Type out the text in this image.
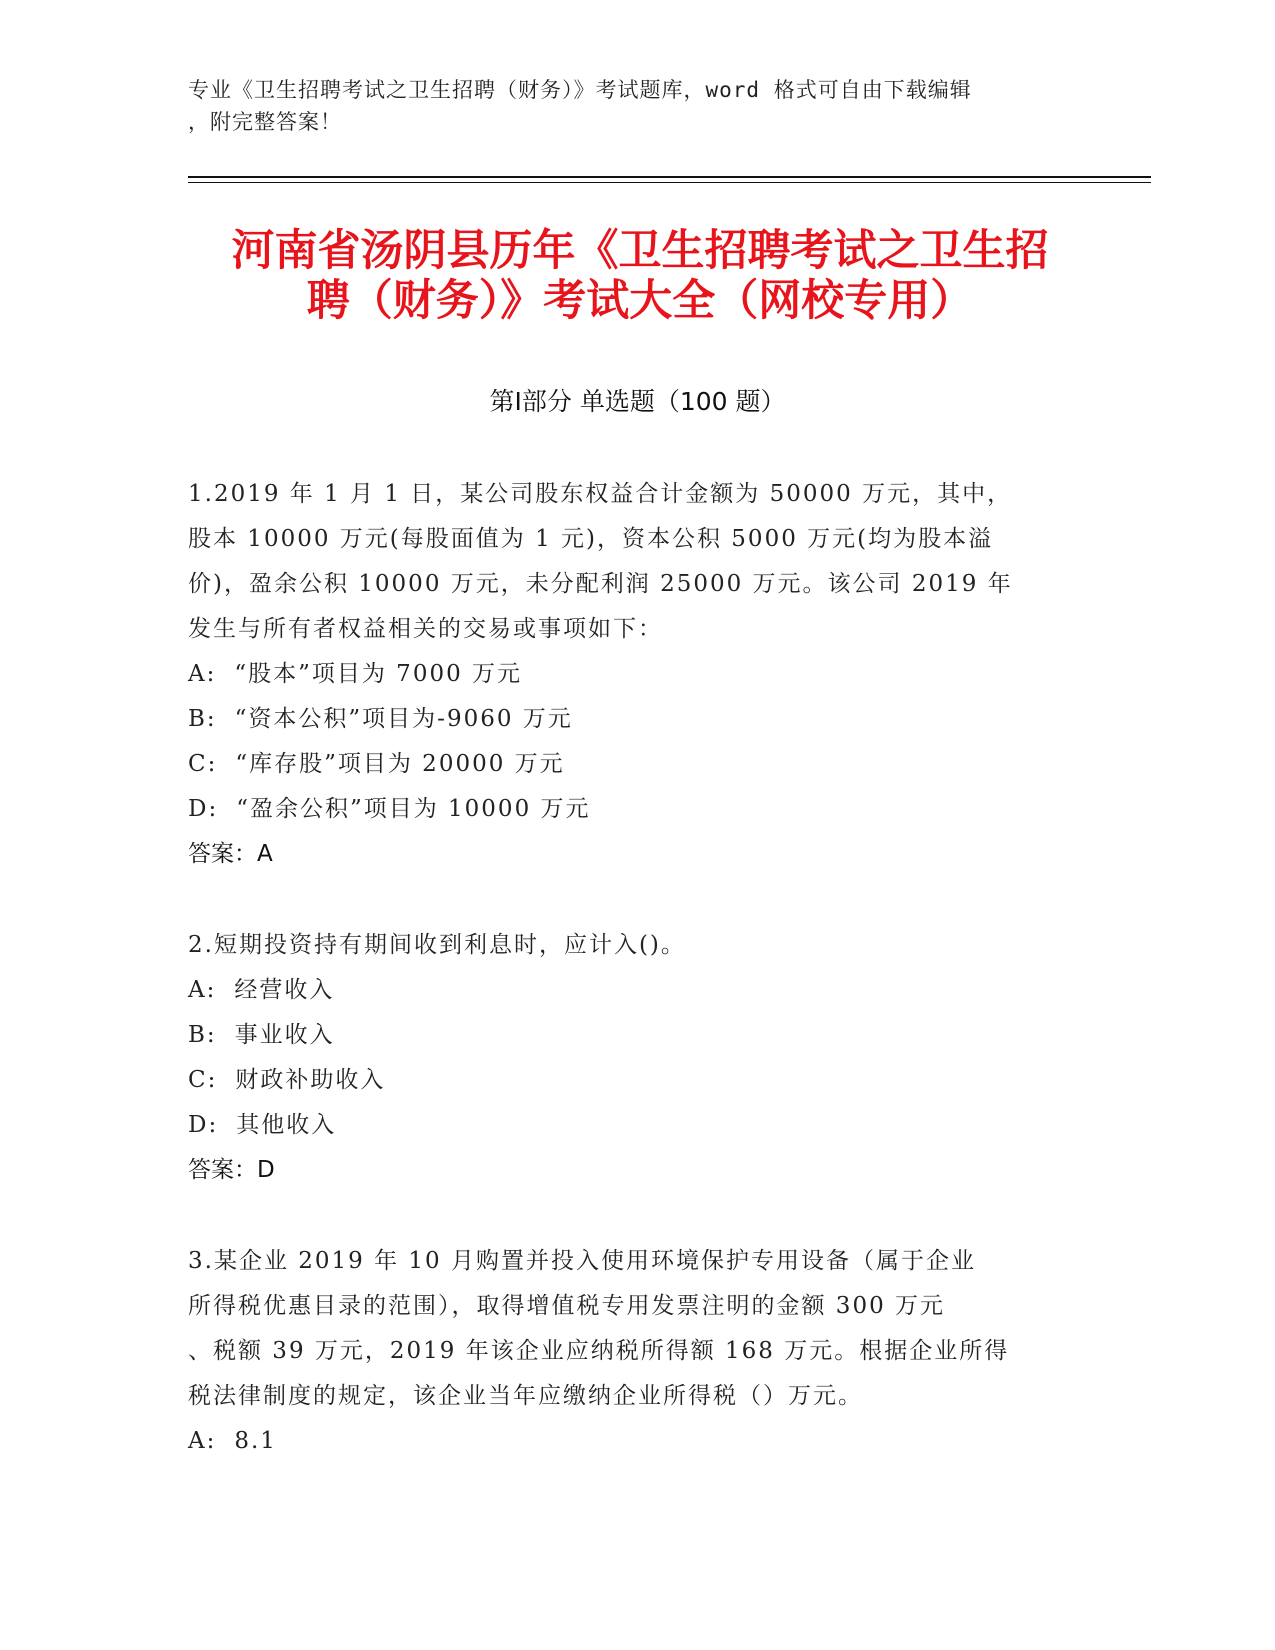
专业《卫生招聘考试之卫生招聘（财务）》考试题库，word 格式可自由下载编辑
，附完整答案！
河南省汤阴县历年《卫生招聘考试之卫生招
聘（财务）》考试大全（网校专用）
第Ⅰ部分 单选题（100 题）
1.2019 年 1 月 1 日，某公司股东权益合计金额为 50000 万元，其中，
股本 10000 万元(每股面值为 1 元)，资本公积 5000 万元(均为股本溢
价)，盈余公积 10000 万元，未分配利润 25000 万元。该公司 2019 年
发生与所有者权益相关的交易或事项如下：
A: “股本”项目为 7000 万元
B: “资本公积”项目为-9060 万元
C: “库存股”项目为 20000 万元
D: “盈余公积”项目为 10000 万元
答案：A
2.短期投资持有期间收到利息时，应计入()。
A: 经营收入
B: 事业收入
C: 财政补助收入
D: 其他收入
答案：D
3.某企业 2019 年 10 月购置并投入使用环境保护专用设备（属于企业
所得税优惠目录的范围），取得增值税专用发票注明的金额 300 万元
、税额 39 万元，2019 年该企业应纳税所得额 168 万元。根据企业所得
税法律制度的规定，该企业当年应缴纳企业所得税（）万元。
A: 8.1
